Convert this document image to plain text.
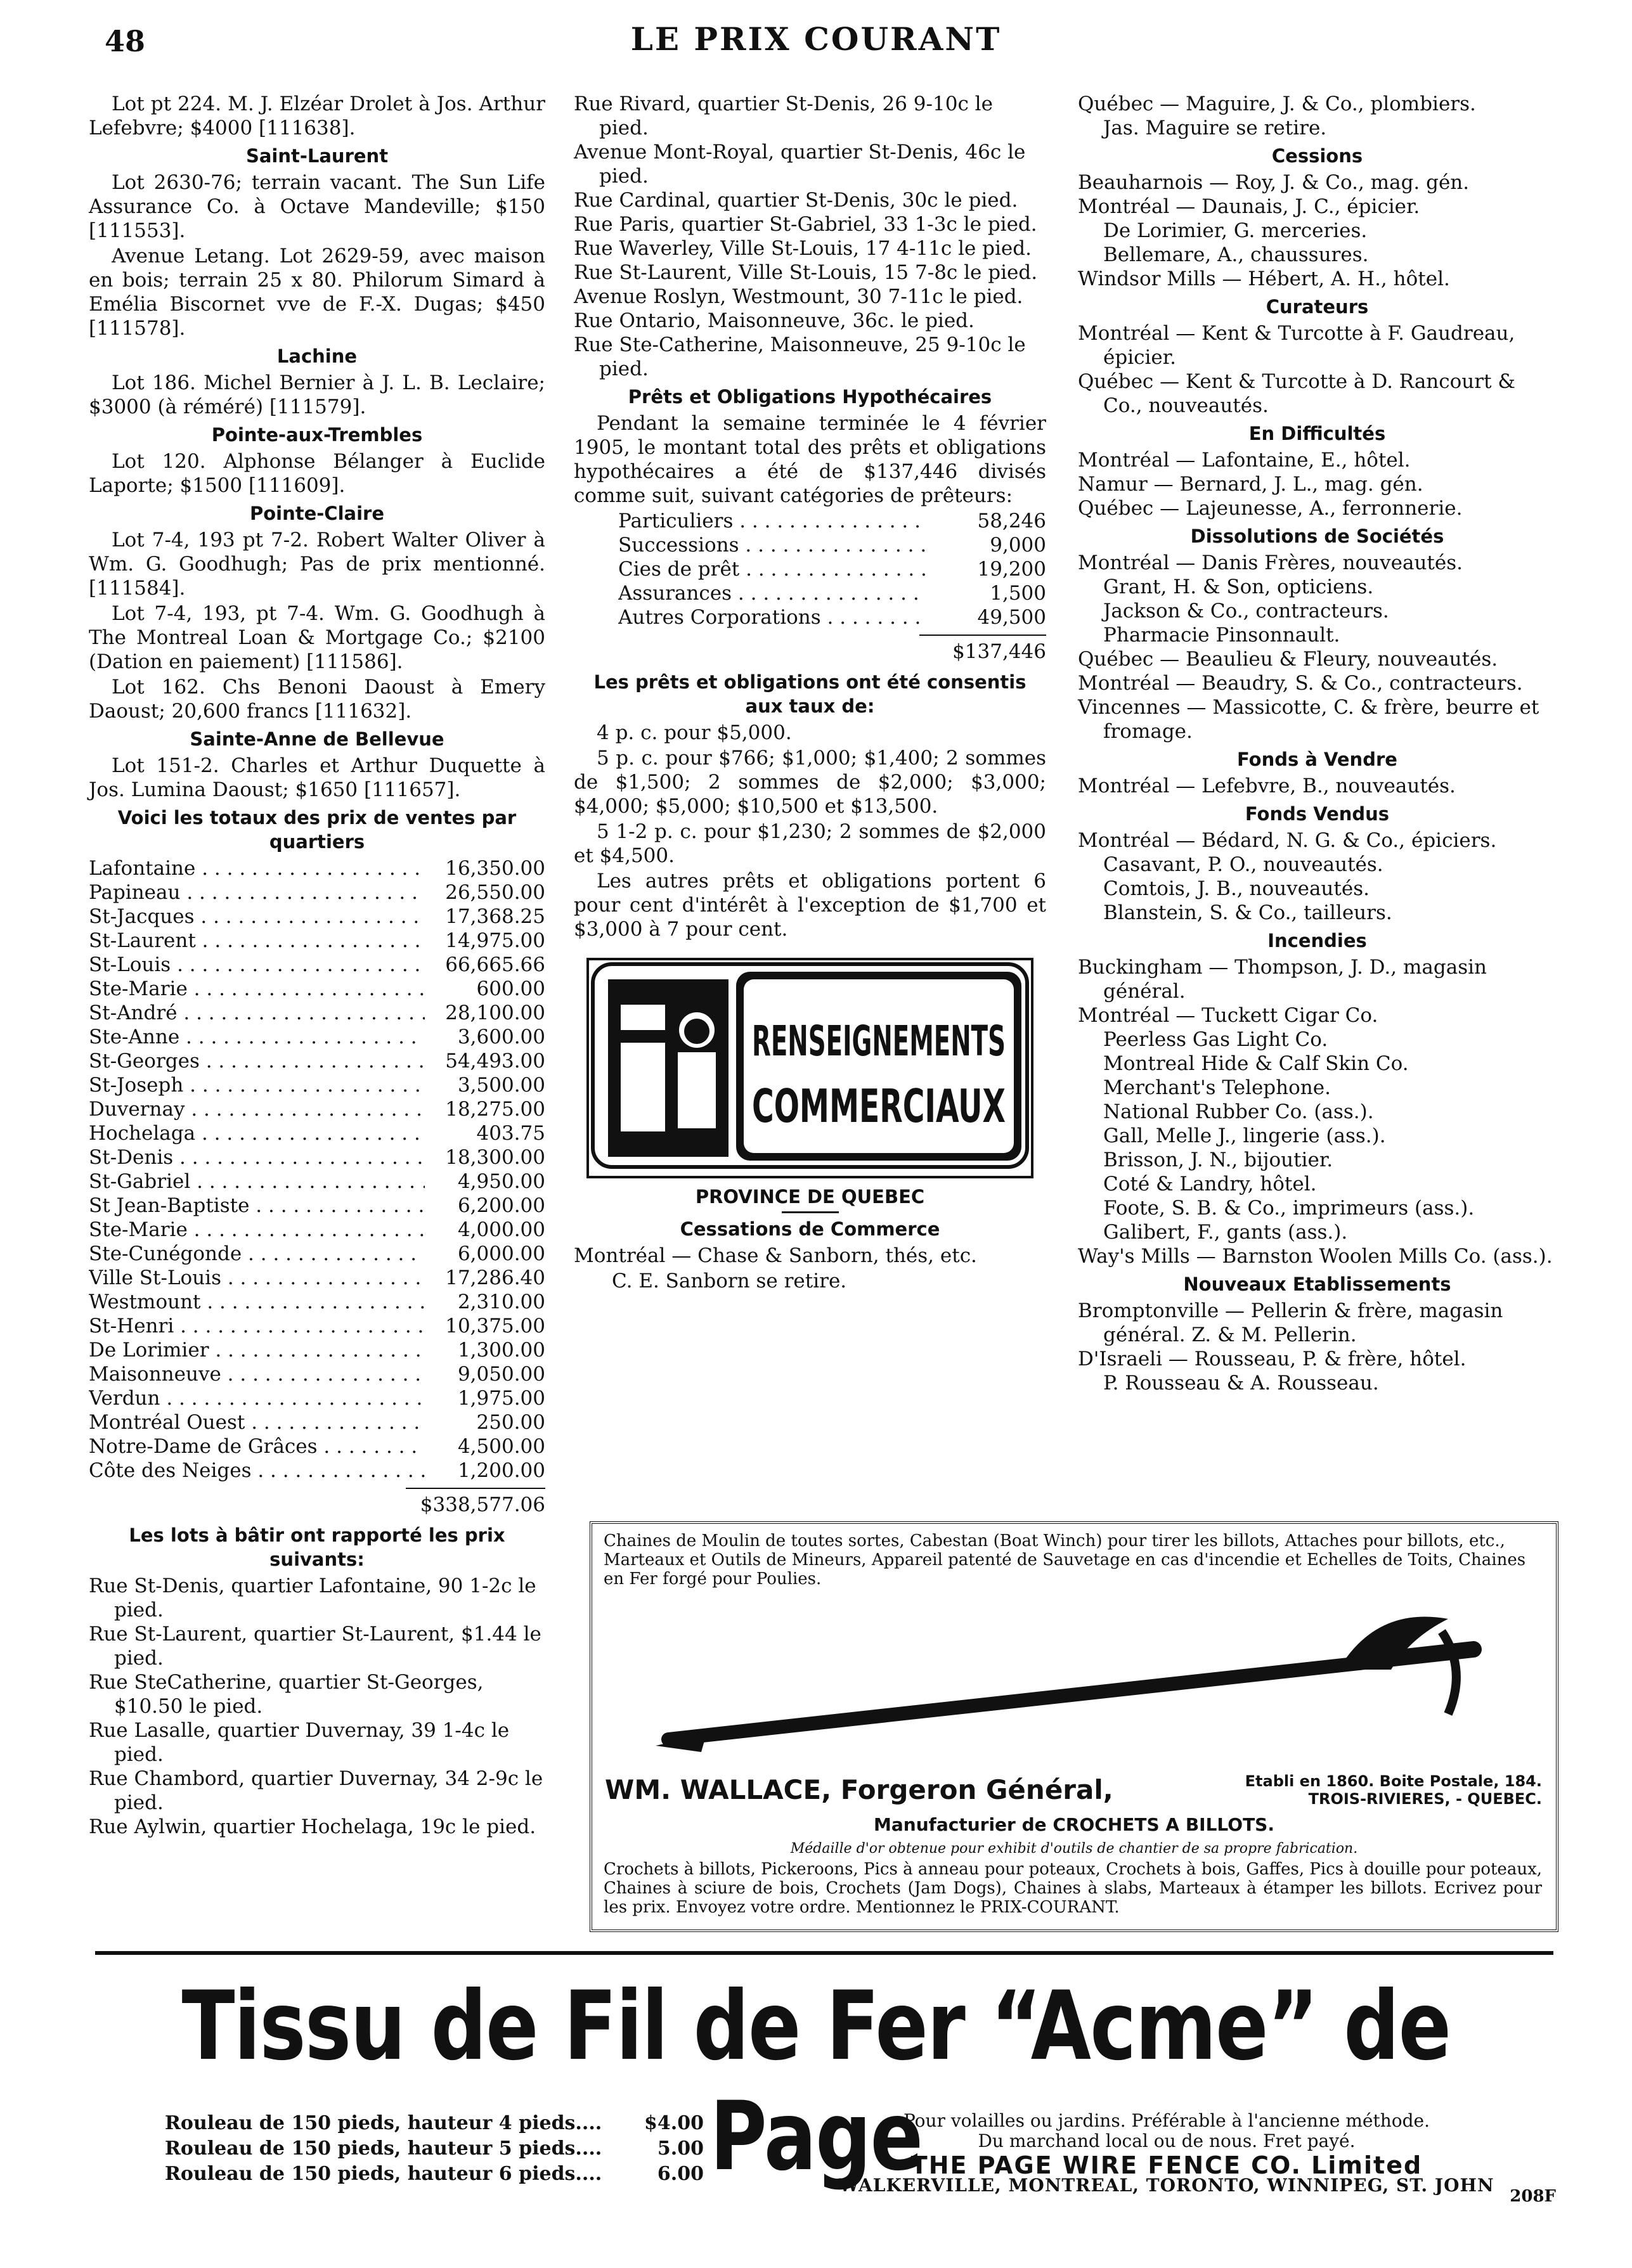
48	LE PRIX COURANT

Lot pt 224. M. J. Elzéar Drolet à Jos. Arthur Lefebvre; $4000 [111638].

Saint-Laurent

Lot 2630-76; terrain vacant. The Sun Life Assurance Co. à Octave Mandeville; $150 [111553].

Avenue Letang. Lot 2629-59, avec maison en bois; terrain 25 x 80. Philorum Simard à Emélia Biscornet vve de F.-X. Dugas; $450 [111578].

Lachine

Lot 186. Michel Bernier à J. L. B. Leclaire; $3000 (à réméré) [111579].

Pointe-aux-Trembles

Lot 120. Alphonse Bélanger à Euclide Laporte; $1500 [111609].

Pointe-Claire

Lot 7-4, 193 pt 7-2. Robert Walter Oliver à Wm. G. Goodhugh; Pas de prix mentionné. [111584].

Lot 7-4, 193, pt 7-4. Wm. G. Goodhugh à The Montreal Loan & Mortgage Co.; $2100 (Dation en paiement) [111586].

Lot 162. Chs Benoni Daoust à Emery Daoust; 20,600 francs [111632].

Sainte-Anne de Bellevue

Lot 151-2. Charles et Arthur Duquette à Jos. Lumina Daoust; $1650 [111657].

Voici les totaux des prix de ventes par quartiers
Lafontaine . . .	16,350.00
Papineau . . .	26,550.00
St-Jacques . . .	17,368.25
St-Laurent . . .	14,975.00
St-Louis . . .	66,665.66
Ste-Marie . . .	600.00
St-André . . .	28,100.00
Ste-Anne . . .	3,600.00
St-Georges . . .	54,493.00
St-Joseph . . .	3,500.00
Duvernay . . .	18,275.00
Hochelaga . . .	403.75
St-Denis . . .	18,300.00
St-Gabriel . . .	4,950.00
St Jean-Baptiste . . .	6,200.00
Ste-Marie . . .	4,000.00
Ste-Cunégonde . . .	6,000.00
Ville St-Louis . . .	17,286.40
Westmount . . .	2,310.00
St-Henri . . .	10,375.00
De Lorimier . . .	1,300.00
Maisonneuve . . .	9,050.00
Verdun . . .	1,975.00
Montréal Ouest . . .	250.00
Notre-Dame de Grâces . . .	4,500.00
Côte des Neiges . . .	1,200.00
$338,577.06
Les lots à bâtir ont rapporté les prix suivants:

Rue St-Denis, quartier Lafontaine, 90 1-2c le pied.

Rue St-Laurent, quartier St-Laurent, $1.44 le pied.

Rue SteCatherine, quartier St-Georges, $10.50 le pied.

Rue Lasalle, quartier Duvernay, 39 1-4c le pied.

Rue Chambord, quartier Duvernay, 34 2-9c le pied.

Rue Aylwin, quartier Hochelaga, 19c le pied.

Rue Rivard, quartier St-Denis, 26 9-10c le pied.

Avenue Mont-Royal, quartier St-Denis, 46c le pied.

Rue Cardinal, quartier St-Denis, 30c le pied.

Rue Paris, quartier St-Gabriel, 33 1-3c le pied.

Rue Waverley, Ville St-Louis, 17 4-11c le pied.

Rue St-Laurent, Ville St-Louis, 15 7-8c le pied.

Avenue Roslyn, Westmount, 30 7-11c le pied.

Rue Ontario, Maisonneuve, 36c. le pied.

Rue Ste-Catherine, Maisonneuve, 25 9-10c le pied.

Prêts et Obligations Hypothécaires

Pendant la semaine terminée le 4 février 1905, le montant total des prêts et obligations hypothécaires a été de $137,446 divisés comme suit, suivant catégories de prêteurs:

Particuliers . . .	58,246
Successions . . .	9,000
Cies de prêt . . .	19,200
Assurances . . .	1,500
Autres Corporations . . .	49,500
$137,446
Les prêts et obligations ont été consentis aux taux de:

4 p. c. pour $5,000.

5 p. c. pour $766; $1,000; $1,400; 2 sommes de $1,500; 2 sommes de $2,000; $3,000; $4,000; $5,000; $10,500 et $13,500.

5 1-2 p. c. pour $1,230; 2 sommes de $2,000 et $4,500.

Les autres prêts et obligations portent 6 pour cent d'intérêt à l'exception de $1,700 et $3,000 à 7 pour cent.

RENSEIGNEMENTS
COMMERCIAUX
PROVINCE DE QUEBEC
Cessations de Commerce

Montréal — Chase & Sanborn, thés, etc.

C. E. Sanborn se retire.

Québec — Maguire, J. & Co., plombiers.

Jas. Maguire se retire.

Cessions

Beauharnois — Roy, J. & Co., mag. gén.

Montréal — Daunais, J. C., épicier.

De Lorimier, G. merceries.

Bellemare, A., chaussures.

Windsor Mills — Hébert, A. H., hôtel.

Curateurs

Montréal — Kent & Turcotte à F. Gaudreau, épicier.

Québec — Kent & Turcotte à D. Rancourt & Co., nouveautés.

En Difficultés

Montréal — Lafontaine, E., hôtel.

Namur — Bernard, J. L., mag. gén.

Québec — Lajeunesse, A., ferronnerie.

Dissolutions de Sociétés

Montréal — Danis Frères, nouveautés.

Grant, H. & Son, opticiens.

Jackson & Co., contracteurs.

Pharmacie Pinsonnault.

Québec — Beaulieu & Fleury, nouveautés.

Montréal — Beaudry, S. & Co., contracteurs.

Vincennes — Massicotte, C. & frère, beurre et fromage.

Fonds à Vendre

Montréal — Lefebvre, B., nouveautés.

Fonds Vendus

Montréal — Bédard, N. G. & Co., épiciers.

Casavant, P. O., nouveautés.

Comtois, J. B., nouveautés.

Blanstein, S. & Co., tailleurs.

Incendies

Buckingham — Thompson, J. D., magasin général.

Montréal — Tuckett Cigar Co.

Peerless Gas Light Co.

Montreal Hide & Calf Skin Co.

Merchant's Telephone.

National Rubber Co. (ass.).

Gall, Melle J., lingerie (ass.).

Brisson, J. N., bijoutier.

Coté & Landry, hôtel.

Foote, S. B. & Co., imprimeurs (ass.).

Galibert, F., gants (ass.).

Way's Mills — Barnston Woolen Mills Co. (ass.).

Nouveaux Etablissements

Bromptonville — Pellerin & frère, magasin général. Z. & M. Pellerin.

D'Israeli — Rousseau, P. & frère, hôtel.

P. Rousseau & A. Rousseau.

Chaines de Moulin de toutes sortes, Cabestan (Boat Winch) pour tirer les billots, Attaches pour billots, etc., Marteaux et Outils de Mineurs, Appareil patenté de Sauvetage en cas d'incendie et Echelles de Toits, Chaines en Fer forgé pour Poulies.
WM. WALLACE, Forgeron Général,	Etabli en 1860. Boite Postale, 184.
TROIS-RIVIERES, - QUEBEC.
Manufacturier de CROCHETS A BILLOTS.
Médaille d'or obtenue pour exhibit d'outils de chantier de sa propre fabrication.
Crochets à billots, Pickeroons, Pics à anneau pour poteaux, Crochets à bois, Gaffes, Pics à douille pour poteaux, Chaines à sciure de bois, Crochets (Jam Dogs), Chaines à slabs, Marteaux à étamper les billots. Ecrivez pour les prix. Envoyez votre ordre. Mentionnez le PRIX-COURANT.
Tissu de Fil de Fer “Acme” de Page
Rouleau de 150 pieds, hauteur 4 pieds....	$4.00
Rouleau de 150 pieds, hauteur 5 pieds....	5.00
Rouleau de 150 pieds, hauteur 6 pieds....	6.00
Pour volailles ou jardins. Préférable à l'ancienne méthode.
Du marchand local ou de nous. Fret payé.
THE PAGE WIRE FENCE CO. Limited
WALKERVILLE, MONTREAL, TORONTO, WINNIPEG, ST. JOHN
208F
